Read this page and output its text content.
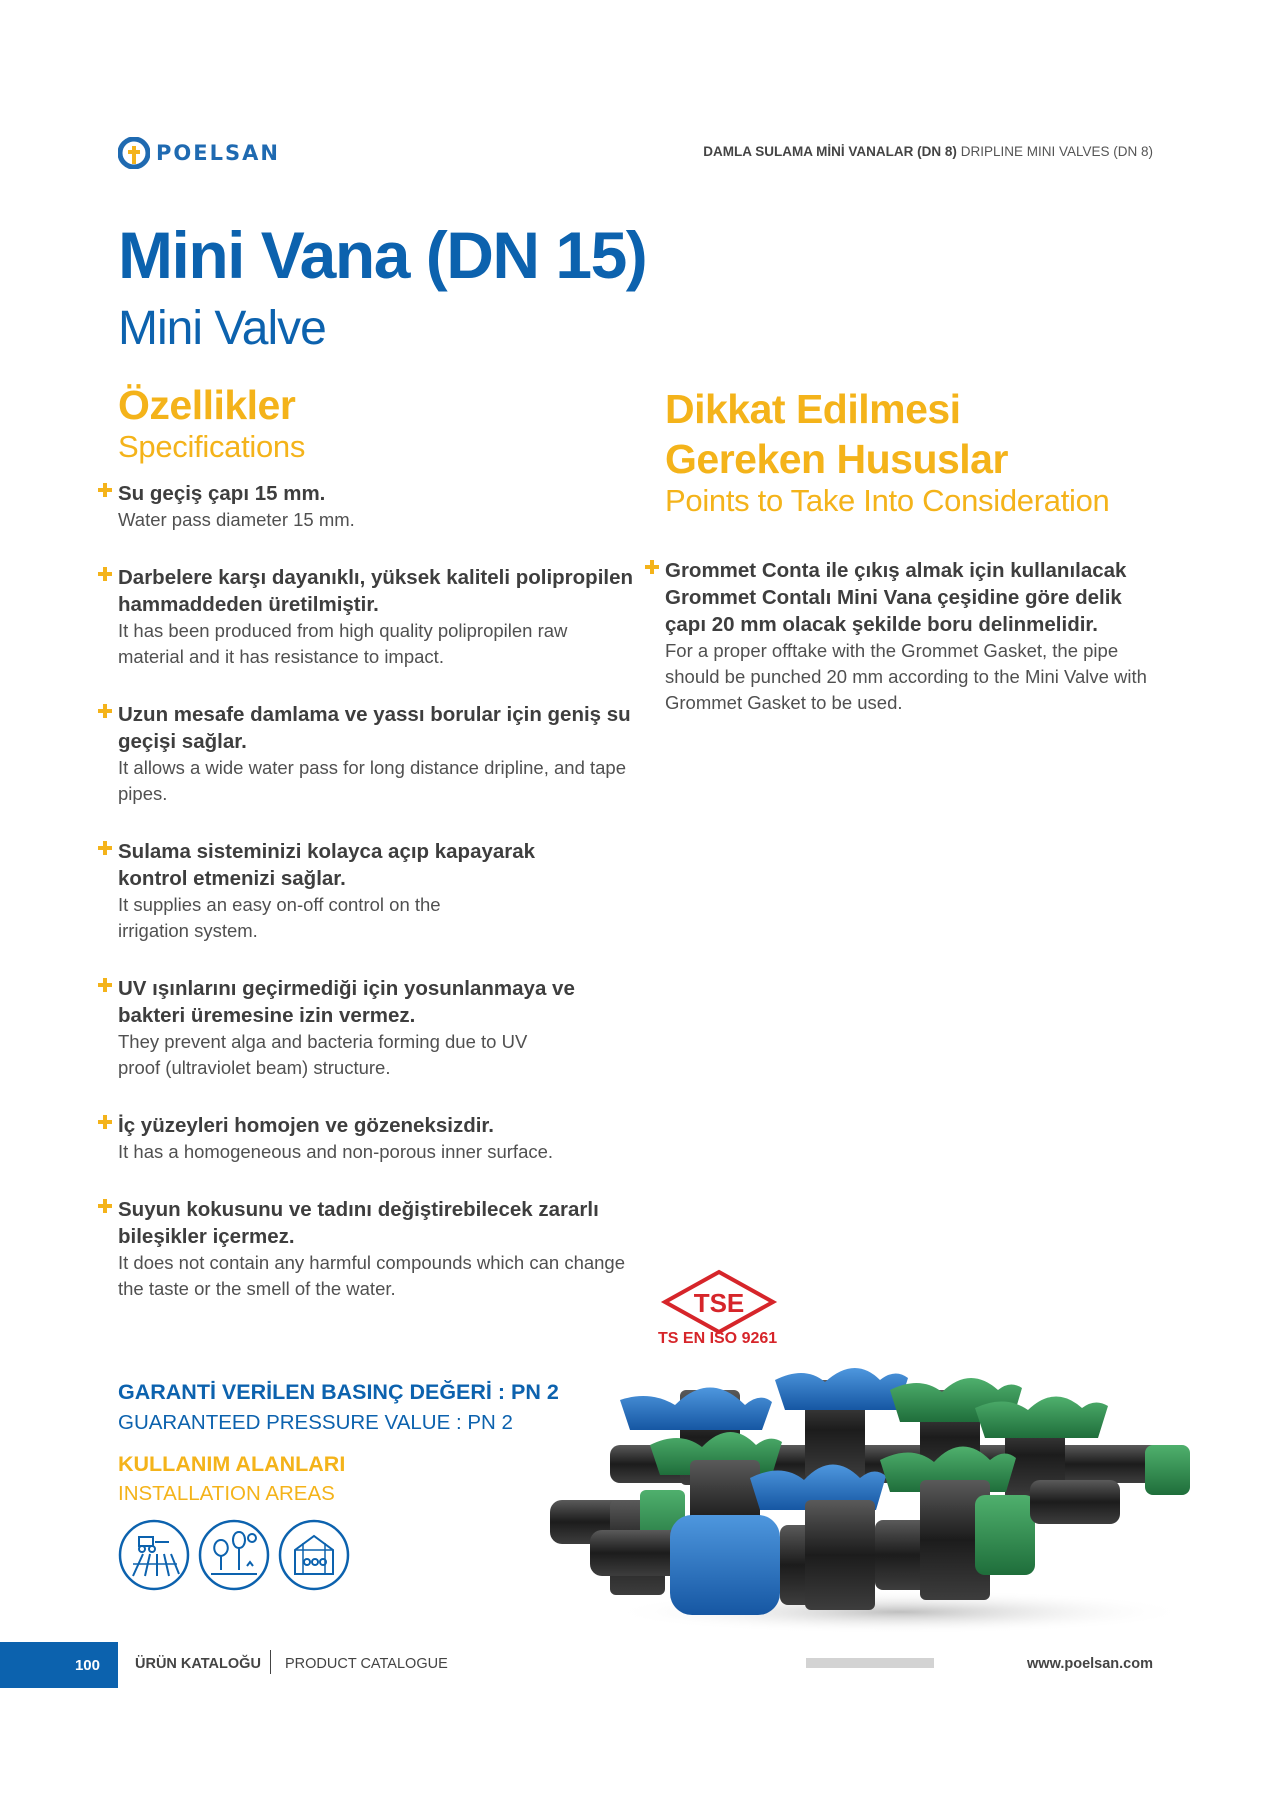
POELSAN	DAMLA SULAMA MİNİ VANALAR (DN 8) DRIPLINE MINI VALVES (DN 8)
Mini Vana (DN 15)
Mini Valve
Özellikler
Specifications
Su geçiş çapı 15 mm.
Water pass diameter 15 mm.
Darbelere karşı dayanıklı, yüksek kaliteli polipropilen hammaddeden üretilmiştir.
It has been produced from high quality polipropilen raw material and it has resistance to impact.
Uzun mesafe damlama ve yassı borular için geniş su geçişi sağlar.
It allows a wide water pass for long distance dripline, and tape pipes.
Sulama sisteminizi kolayca açıp kapayarak kontrol etmenizi sağlar.
It supplies an easy on-off control on the irrigation system.
UV ışınlarını geçirmediği için yosunlanmaya ve bakteri üremesine izin vermez.
They prevent alga and bacteria forming due to UV proof (ultraviolet beam) structure.
İç yüzeyleri homojen ve gözeneksizdir.
It has a homogeneous and non-porous inner surface.
Suyun kokusunu ve tadını değiştirebilecek zararlı bileşikler içermez.
It does not contain any harmful compounds which can change the taste or the smell of the water.
Dikkat Edilmesi
Gereken Hususlar
Points to Take Into Consideration
Grommet Conta ile çıkış almak için kullanılacak Grommet Contalı Mini Vana çeşidine göre delik çapı 20 mm olacak şekilde boru delinmelidir.
For a proper offtake with the Grommet Gasket, the pipe should be punched 20 mm according to the Mini Valve with Grommet Gasket to be used.
TSE
TS EN ISO 9261
GARANTİ VERİLEN BASINÇ DEĞERİ : PN 2
GUARANTEED PRESSURE VALUE : PN 2
KULLANIM ALANLARI
INSTALLATION AREAS
100	ÜRÜN KATALOĞU PRODUCT CATALOGUE	www.poelsan.com
